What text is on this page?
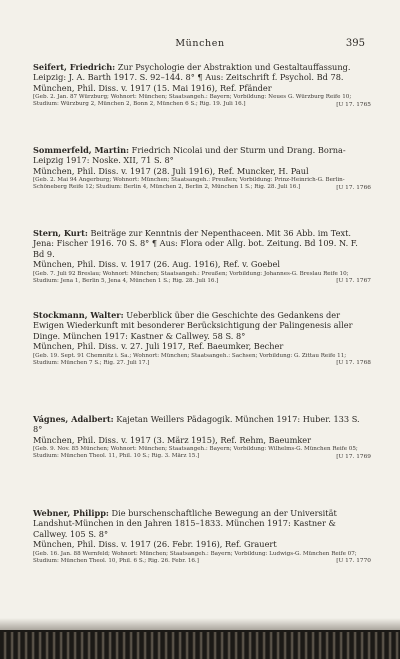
München	395

Seifert, Friedrich: Zur Psychologie der Abstraktion und Gestaltauffassung. Leipzig: J. A. Barth 1917. S. 92–144. 8° ¶ Aus: Zeitschrift f. Psychol. Bd 78.

München, Phil. Diss. v. 1917 (15. Mai 1916), Ref. Pfänder

[Geb. 2. Jan. 87 Würzburg; Wohnort: München; Staatsangeh.: Bayern; Vorbildung: Neues G. Würzburg Reife 10; Studium: Würzburg 2, München 2, Bonn 2, München 6 S.; Rig. 19. Juli 16.]	[U 17. 1765

Sommerfeld, Martin: Friedrich Nicolai und der Sturm und Drang. Borna-Leipzig 1917: Noske. XII, 71 S. 8°

München, Phil. Diss. v. 1917 (28. Juli 1916), Ref. Muncker, H. Paul

[Geb. 2. Mai 94 Angerburg; Wohnort: München; Staatsangeh.: Preußen; Vorbildung: Prinz-Heinrich-G. Berlin-Schöneberg Reife 12; Studium: Berlin 4, München 2, Berlin 2, München 1 S.; Rig. 28. Juli 16.]	[U 17. 1766

Stern, Kurt: Beiträge zur Kenntnis der Nepenthaceen. Mit 36 Abb. im Text. Jena: Fischer 1916. 70 S. 8° ¶ Aus: Flora oder Allg. bot. Zeitung. Bd 109. N. F. Bd 9.

München, Phil. Diss. v. 1917 (26. Aug. 1916), Ref. v. Goebel

[Geb. 7. Juli 92 Breslau; Wohnort: München; Staatsangeh.: Preußen; Vorbildung: Johannes-G. Breslau Reife 10; Studium: Jena 1, Berlin 5, Jena 4, München 1 S.; Rig. 28. Juli 16.]	[U 17. 1767

Stockmann, Walter: Ueberblick über die Geschichte des Gedankens der Ewigen Wiederkunft mit besonderer Berücksichtigung der Palingenesis aller Dinge. München 1917: Kastner & Callwey. 58 S. 8°

München, Phil. Diss. v. 27. Juli 1917, Ref. Baeumker, Becher

[Geb. 19. Sept. 91 Chemnitz i. Sa.; Wohnort: München; Staatsangeh.: Sachsen; Vorbildung: G. Zittau Reife 11; Studium: München 7 S.; Rig. 27. Juli 17.]	[U 17. 1768

Vágnes, Adalbert: Kajetan Weillers Pädagogik. München 1917: Huber. 133 S. 8°

München, Phil. Diss. v. 1917 (3. März 1915), Ref. Rehm, Baeumker

[Geb. 9. Nov. 85 München; Wohnort: München; Staatsangeh.: Bayern; Vorbildung: Wilhelms-G. München Reife 05; Studium: München Theol. 11, Phil. 10 S.; Rig. 3. März 15.]	[U 17. 1769

Webner, Philipp: Die burschenschaftliche Bewegung an der Universität Landshut-München in den Jahren 1815–1833. München 1917: Kastner & Callwey. 105 S. 8°

München, Phil. Diss. v. 1917 (26. Febr. 1916), Ref. Grauert

[Geb. 16. Jan. 88 Wernfeld; Wohnort: München; Staatsangeh.: Bayern; Vorbildung: Ludwigs-G. München Reife 07; Studium: München Theol. 10, Phil. 6 S.; Rig. 26. Febr. 16.]	[U 17. 1770
